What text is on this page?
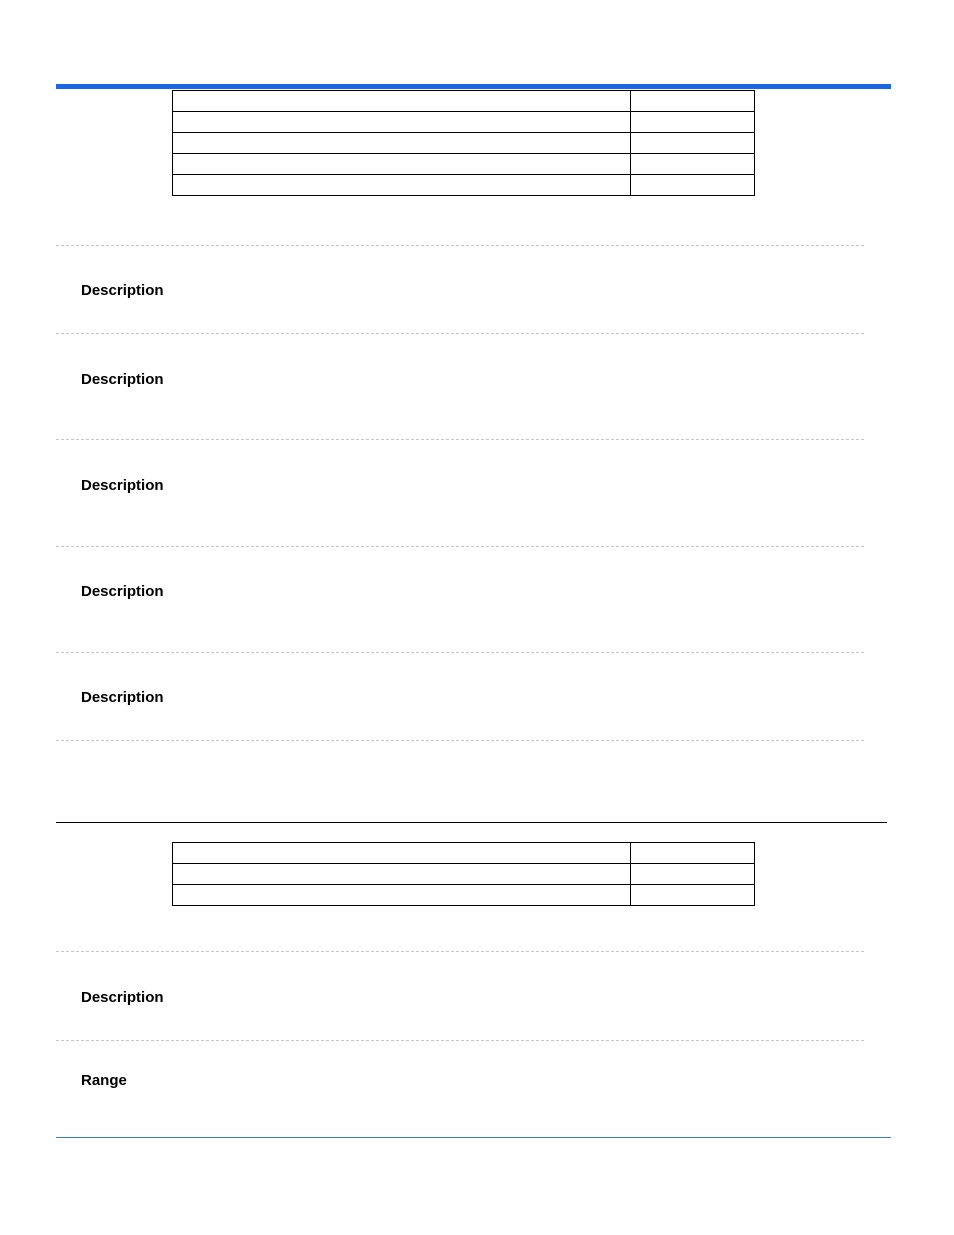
Description
Description
Description
Description
Description

Description
Range
